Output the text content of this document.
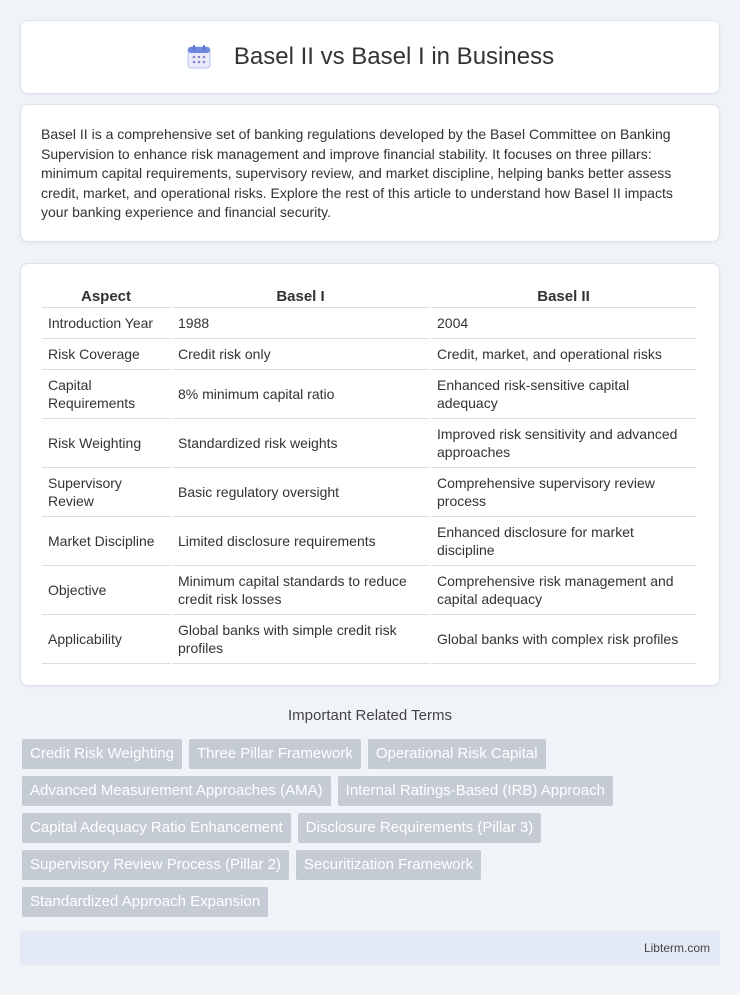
Basel II vs Basel I in Business

Basel II is a comprehensive set of banking regulations developed by the Basel Committee on Banking Supervision to enhance risk management and improve financial stability. It focuses on three pillars: minimum capital requirements, supervisory review, and market discipline, helping banks better assess credit, market, and operational risks. Explore the rest of this article to understand how Basel II impacts your banking experience and financial security.

Aspect	Basel I	Basel II
Introduction Year	1988	2004
Risk Coverage	Credit risk only	Credit, market, and operational risks
Capital Requirements	8% minimum capital ratio	Enhanced risk-sensitive capital adequacy
Risk Weighting	Standardized risk weights	Improved risk sensitivity and advanced approaches
Supervisory Review	Basic regulatory oversight	Comprehensive supervisory review process
Market Discipline	Limited disclosure requirements	Enhanced disclosure for market discipline
Objective	Minimum capital standards to reduce credit risk losses	Comprehensive risk management and capital adequacy
Applicability	Global banks with simple credit risk profiles	Global banks with complex risk profiles
Important Related Terms
Credit Risk Weighting	Three Pillar Framework	Operational Risk Capital
Advanced Measurement Approaches (AMA)	Internal Ratings-Based (IRB) Approach
Capital Adequacy Ratio Enhancement	Disclosure Requirements (Pillar 3)
Supervisory Review Process (Pillar 2)	Securitization Framework
Standardized Approach Expansion
Libterm.com
